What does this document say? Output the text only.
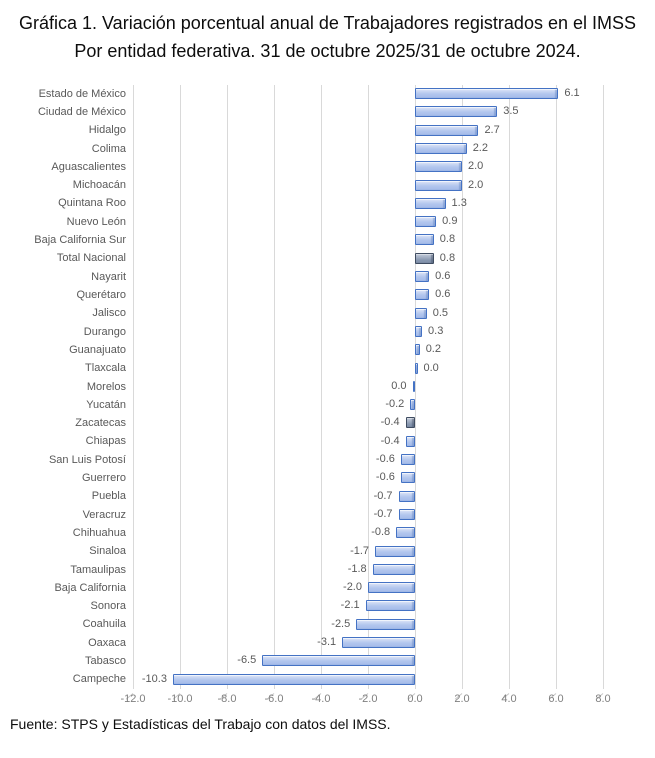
Gráfica 1. Variación porcentual anual de Trabajadores registrados en el IMSS
Por entidad federativa. 31 de octubre 2025/31 de octubre 2024.
Estado de México
Ciudad de México
Hidalgo
Colima
Aguascalientes
Michoacán
Quintana Roo
Nuevo León
Baja California Sur
Total Nacional
Nayarit
Querétaro
Jalisco
Durango
Guanajuato
Tlaxcala
Morelos
Yucatán
Zacatecas
Chiapas
San Luis Potosí
Guerrero
Puebla
Veracruz
Chihuahua
Sinaloa
Tamaulipas
Baja California
Sonora
Coahuila
Oaxaca
Tabasco
Campeche
6.1
3.5
2.7
2.2
2.0
2.0
1.3
0.9
0.8
0.8
0.6
0.6
0.5
0.3
0.2
0.0
0.0
-0.2
-0.4
-0.4
-0.6
-0.6
-0.7
-0.7
-0.8
-1.7
-1.8
-2.0
-2.1
-2.5
-3.1
-6.5
-10.3
-12.0	-10.0	-8.0	-6.0	-4.0	-2.0	0.0	2.0	4.0	6.0	8.0
Fuente: STPS y Estadísticas del Trabajo con datos del IMSS.
